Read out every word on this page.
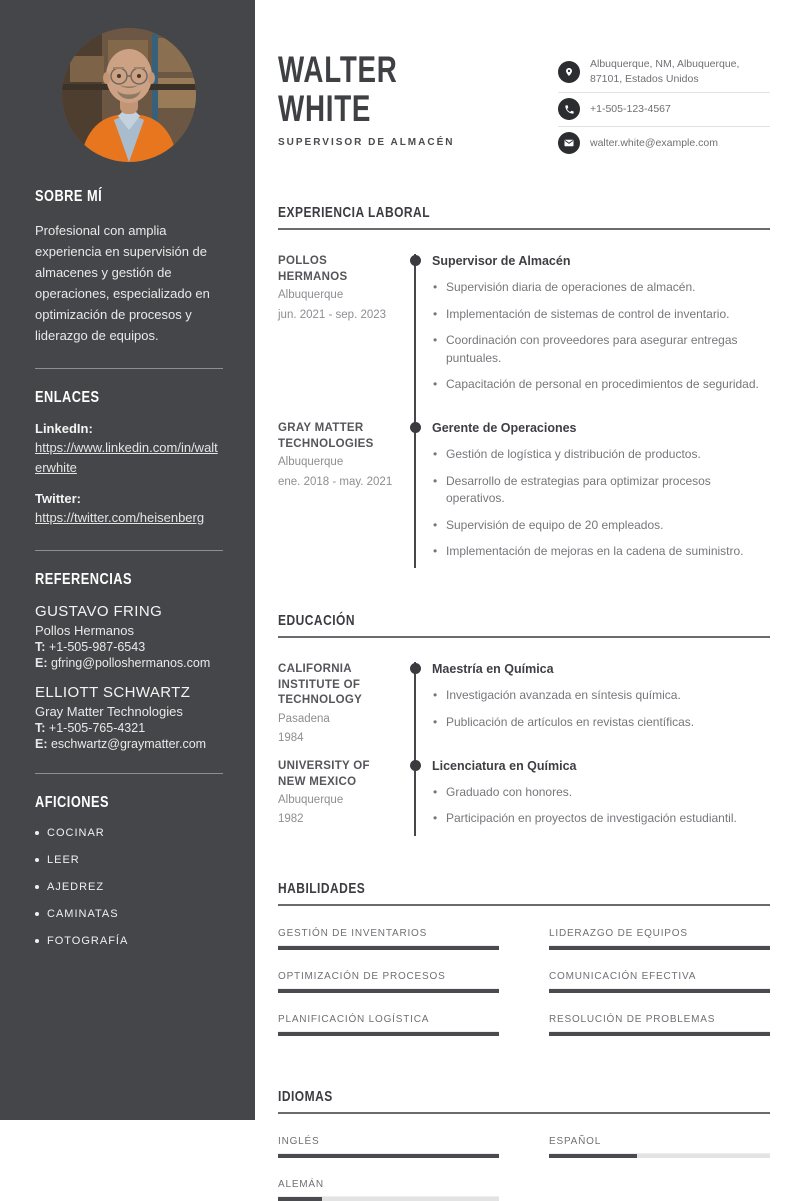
SOBRE MÍ

Profesional con amplia experiencia en supervisión de almacenes y gestión de operaciones, especializado en optimización de procesos y liderazgo de equipos.

ENLACES
LinkedIn:
https://www.linkedin.com/in/walterwhite
Twitter:
https://twitter.com/heisenberg
REFERENCIAS
GUSTAVO FRING
Pollos Hermanos
T: +1-505-987-6543
E: gfring@polloshermanos.com
ELLIOTT SCHWARTZ
Gray Matter Technologies
T: +1-505-765-4321
E: eschwartz@graymatter.com
AFICIONES
COCINAR
LEER
AJEDREZ
CAMINATAS
FOTOGRAFÍA
WALTER
WHITE
SUPERVISOR DE ALMACÉN
Albuquerque, NM, Albuquerque, 87101, Estados Unidos
+1-505-123-4567
walter.white@example.com
EXPERIENCIA LABORAL
POLLOS HERMANOS
Albuquerque
jun. 2021 - sep. 2023
Supervisor de Almacén
• Supervisión diaria de operaciones de almacén.
• Implementación de sistemas de control de inventario.
• Coordinación con proveedores para asegurar entregas puntuales.
• Capacitación de personal en procedimientos de seguridad.
GRAY MATTER TECHNOLOGIES
Albuquerque
ene. 2018 - may. 2021
Gerente de Operaciones
• Gestión de logística y distribución de productos.
• Desarrollo de estrategias para optimizar procesos operativos.
• Supervisión de equipo de 20 empleados.
• Implementación de mejoras en la cadena de suministro.
EDUCACIÓN
CALIFORNIA INSTITUTE OF TECHNOLOGY
Pasadena
1984
Maestría en Química
• Investigación avanzada en síntesis química.
• Publicación de artículos en revistas científicas.
UNIVERSITY OF NEW MEXICO
Albuquerque
1982
Licenciatura en Química
• Graduado con honores.
• Participación en proyectos de investigación estudiantil.
HABILIDADES
GESTIÓN DE INVENTARIOS	LIDERAZGO DE EQUIPOS
OPTIMIZACIÓN DE PROCESOS	COMUNICACIÓN EFECTIVA
PLANIFICACIÓN LOGÍSTICA	RESOLUCIÓN DE PROBLEMAS
IDIOMAS
INGLÉS	ESPAÑOL
ALEMÁN
